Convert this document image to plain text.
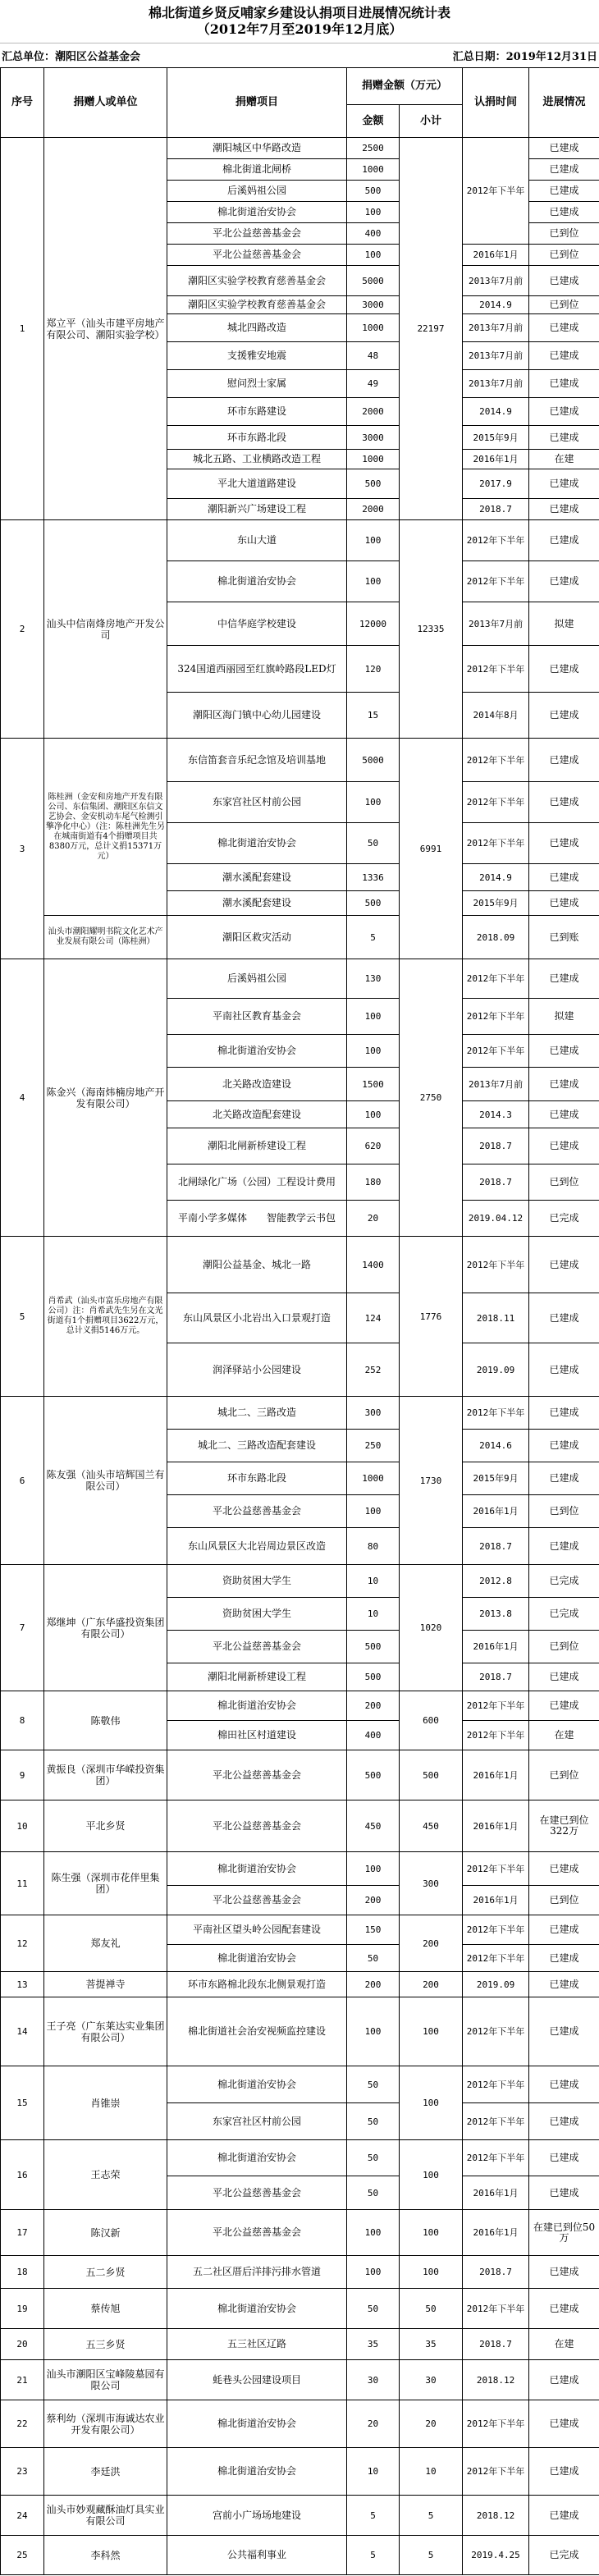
棉北街道乡贤反哺家乡建设认捐项目进展情况统计表
（2012年7月至2019年12月底）
汇总单位：潮阳区公益基金会	汇总日期：2019年12月31日
序号	捐赠人或单位	捐赠项目	捐赠金额（万元）		认捐时间	进展情况
			金额	小计		
1	郑立平（汕头市建平房地产有限公司、潮阳实验学校）	潮阳城区中华路改造	2500	22197	2012年下半年	已建成
		棉北街道北闸桥	1000			已建成
		后溪妈祖公园	500			已建成
		棉北街道治安协会	100			已建成
		平北公益慈善基金会	400			已到位
		平北公益慈善基金会	100		2016年1月	已到位
		潮阳区实验学校教育慈善基金会	5000		2013年7月前	已建成
		潮阳区实验学校教育慈善基金会	3000		2014.9	已到位
		城北四路改造	1000		2013年7月前	已建成
		支援雅安地震	48		2013年7月前	已建成
		慰问烈士家属	49		2013年7月前	已建成
		环市东路建设	2000		2014.9	已建成
		环市东路北段	3000		2015年9月	已建成
		城北五路、工业横路改造工程	1000		2016年1月	在建
		平北大道道路建设	500		2017.9	已建成
		潮阳新兴广场建设工程	2000		2018.7	已建成
2	汕头中信南烽房地产开发公司	东山大道	100	12335	2012年下半年	已建成
		棉北街道治安协会	100		2012年下半年	已建成
		中信华庭学校建设	12000		2013年7月前	拟建
		324国道西丽园至红旗岭路段LED灯	120		2012年下半年	已建成
		潮阳区海门镇中心幼儿园建设	15		2014年8月	已建成
3	陈桂洲（金安和房地产开发有限公司、东信集团、潮阳区东信文艺协会、金安机动车尾气检测引擎净化中心）（注：陈桂洲先生另在城南街道有4个捐赠项目共8380万元，总计义捐15371万元）	东信笛套音乐纪念馆及培训基地	5000	6991	2012年下半年	已建成
		东家宫社区村前公园	100		2012年下半年	已建成
		棉北街道治安协会	50		2012年下半年	已建成
		潮水溪配套建设	1336		2014.9	已建成
		潮水溪配套建设	500		2015年9月	已建成
	汕头市潮阳耀明书院文化艺术产业发展有限公司（陈桂洲）	潮阳区救灾活动	5		2018.09	已到账
4	陈金兴（海南炜楠房地产开发有限公司）	后溪妈祖公园	130	2750	2012年下半年	已建成
		平南社区教育基金会	100		2012年下半年	拟建
		棉北街道治安协会	100		2012年下半年	已建成
		北关路改造建设	1500		2013年7月前	已建成
		北关路改造配套建设	100		2014.3	已建成
		潮阳北闸新桥建设工程	620		2018.7	已建成
		北闸绿化广场（公园）工程设计费用	180		2018.7	已到位
		平南小学多媒体　　智能教学云书包	20		2019.04.12	已完成
5	肖希武（汕头市富乐房地产有限公司）注：肖希武先生另在文光街道有1个捐赠项目3622万元，总计义捐5146万元。	潮阳公益基金、城北一路	1400	1776	2012年下半年	已建成
		东山风景区小北岩出入口景观打造	124		2018.11	已建成
		润泽驿站小公园建设	252		2019.09	已建成
6	陈友强（汕头市培辉国兰有限公司）	城北二、三路改造	300	1730	2012年下半年	已建成
		城北二、三路改造配套建设	250		2014.6	已建成
		环市东路北段	1000		2015年9月	已建成
		平北公益慈善基金会	100		2016年1月	已到位
		东山风景区大北岩周边景区改造	80		2018.7	已建成
7	郑继坤（广东华盛投资集团有限公司）	资助贫困大学生	10	1020	2012.8	已完成
		资助贫困大学生	10		2013.8	已完成
		平北公益慈善基金会	500		2016年1月	已到位
		潮阳北闸新桥建设工程	500		2018.7	已建成
8	陈敬伟	棉北街道治安协会	200	600	2012年下半年	已建成
		棉田社区村道建设	400		2012年下半年	在建
9	黄振良（深圳市华嵘投资集团）	平北公益慈善基金会	500	500	2016年1月	已到位
10	平北乡贤	平北公益慈善基金会	450	450	2016年1月	在建已到位322万
11	陈生强（深圳市花伴里集团）	棉北街道治安协会	100	300	2012年下半年	已建成
		平北公益慈善基金会	200		2016年1月	已到位
12	郑友礼	平南社区望头岭公园配套建设	150	200	2012年下半年	已建成
		棉北街道治安协会	50		2012年下半年	已建成
13	菩提禅寺	环市东路棉北段东北侧景观打造	200	200	2019.09	已建成
14	王子亮（广东莱达实业集团有限公司）	棉北街道社会治安视频监控建设	100	100	2012年下半年	已建成
15	肖锥崇	棉北街道治安协会	50	100	2012年下半年	已建成
		东家宫社区村前公园	50		2012年下半年	已建成
16	王志荣	棉北街道治安协会	50	100	2012年下半年	已建成
		平北公益慈善基金会	50		2016年1月	已建成
17	陈汉新	平北公益慈善基金会	100	100	2016年1月	在建已到位50万
18	五二乡贤	五二社区厝后洋排污排水管道	100	100	2018.7	已建成
19	蔡传旭	棉北街道治安协会	50	50	2012年下半年	已建成
20	五三乡贤	五三社区辽路	35	35	2018.7	在建
21	汕头市潮阳区宝峰陵墓园有限公司	蚝巷头公园建设项目	30	30	2018.12	已建成
22	蔡利幼（深圳市海诚达农业开发有限公司）	棉北街道治安协会	20	20	2012年下半年	已建成
23	李廷洪	棉北街道治安协会	10	10	2012年下半年	已建成
24	汕头市妙观藏酥油灯具实业有限公司	宫前小广场场地建设	5	5	2018.12	已建成
25	李科然	公共福利事业	5	5	2019.4.25	已完成
